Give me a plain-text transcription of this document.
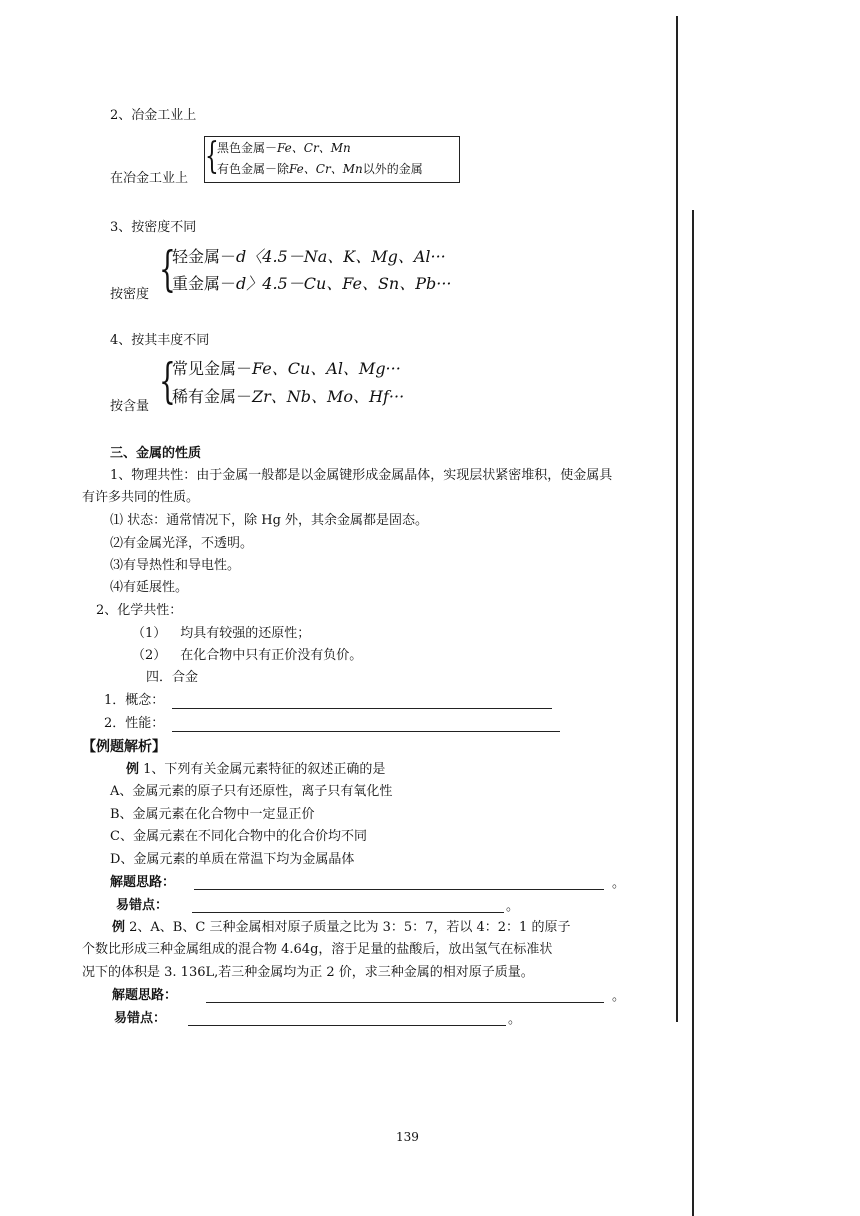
2、冶金工业上
在冶金工业上
{
黑色金属－Fe、Cr、Mn
有色金属－除Fe、Cr、Mn以外的金属
3、按密度不同
按密度 {
轻金属－d〈4.5－Na、K、Mg、Al···
重金属－d〉4.5－Cu、Fe、Sn、Pb···
4、按其丰度不同
按含量 {
常见金属－Fe、Cu、Al、Mg···
稀有金属－Zr、Nb、Mo、Hf···
三、金属的性质
1、物理共性：由于金属一般都是以金属键形成金属晶体，实现层状紧密堆积，使金属具
有许多共同的性质。
⑴ 状态：通常情况下，除 Hg 外，其余金属都是固态。
⑵有金属光泽，不透明。
⑶有导热性和导电性。
⑷有延展性。
2、化学共性：
（1） 均具有较强的还原性；
（2） 在化合物中只有正价没有负价。
四．合金
1．概念：
2．性能：
【例题解析】
例 1、下列有关金属元素特征的叙述正确的是
A、金属元素的原子只有还原性，离子只有氧化性
B、金属元素在化合物中一定显正价
C、金属元素在不同化合物中的化合价均不同
D、金属元素的单质在常温下均为金属晶体
解题思路：	。
易错点：	。
例 2、A、B、C 三种金属相对原子质量之比为 3：5：7，若以 4：2：1 的原子
个数比形成三种金属组成的混合物 4.64g，溶于足量的盐酸后，放出氢气在标准状
况下的体积是 3. 136L,若三种金属均为正 2 价，求三种金属的相对原子质量。
解题思路：	。
易错点：	。
139
